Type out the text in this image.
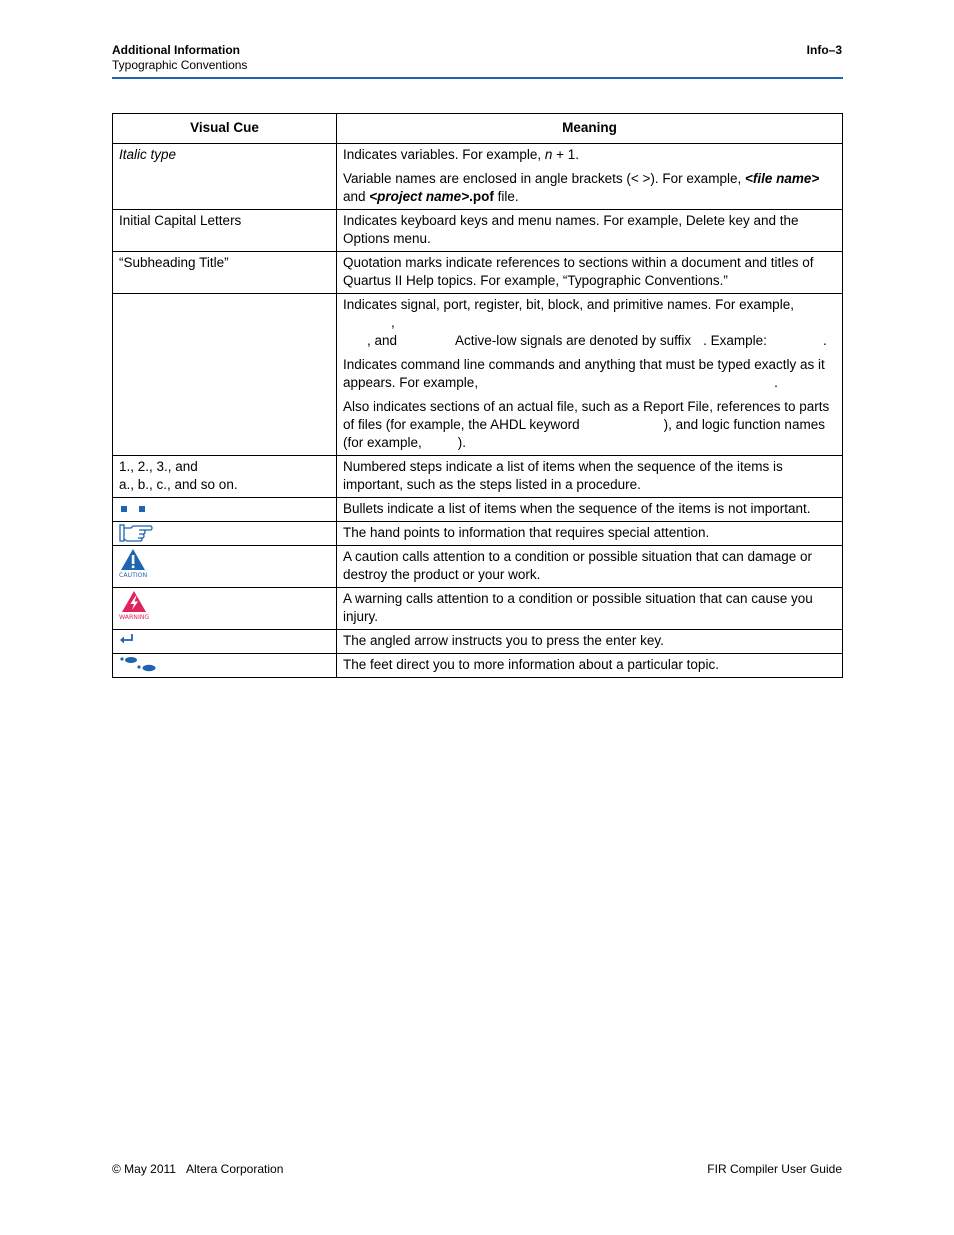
Additional Information
Typographic Conventions
Info–3
Visual Cue	Meaning
Italic type	Indicates variables. For example, n + 1.

Variable names are enclosed in angle brackets (< >). For example, <file name> and <project name>.pof file.

Initial Capital Letters	Indicates keyboard keys and menu names. For example, Delete key and the Options menu.
“Subheading Title”	Quotation marks indicate references to sections within a document and titles of Quartus II Help topics. For example, “Typographic Conventions.”

	Indicates signal, port, register, bit, block, and primitive names. For example,,
, and Active-low signals are denoted by suffix . Example: .

Indicates command line commands and anything that must be typed exactly as it appears. For example, .

Also indicates sections of an actual file, such as a Report File, references to parts of files (for example, the AHDL keyword ), and logic function names (for example, ).

1., 2., 3., and
a., b., c., and so on.	Numbered steps indicate a list of items when the sequence of the items is important, such as the steps listed in a procedure.
	Bullets indicate a list of items when the sequence of the items is not important.

	The hand points to information that requires special attention.

CAUTION	A caution calls attention to a condition or possible situation that can damage or destroy the product or your work.

WARNING	A warning calls attention to a condition or possible situation that can cause you injury.

	The angled arrow instructs you to press the enter key.

	The feet direct you to more information about a particular topic.
© May 2011 Altera Corporation	FIR Compiler User Guide
